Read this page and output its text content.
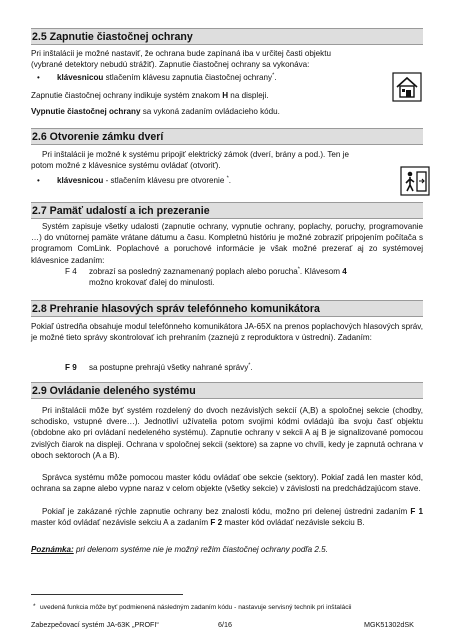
2.5 Zapnutie čiastočnej ochrany
Pri inštalácii je možné nastaviť, že ochrana bude zapínaná iba v určitej časti objektu
(vybrané detektory nebudú strážiť). Zapnutie čiastočnej ochrany sa vykonáva:
• klávesnicou stlačením klávesu zapnutia čiastočnej ochrany*.
Zapnutie čiastočnej ochrany indikuje systém znakom H na displeji.
Vypnutie čiastočnej ochrany sa vykoná zadaním ovládacieho kódu.
2.6 Otvorenie zámku dverí
Pri inštalácii je možné k systému pripojiť elektrický zámok (dverí, brány a pod.). Ten je
potom možné z klávesnice systému ovládať (otvoriť).
• klávesnicou - stlačením klávesu pre otvorenie *.
2.7 Pamäť udalostí a ich prezeranie
Systém zapisuje všetky udalosti (zapnutie ochrany, vypnutie ochrany, poplachy, poruchy, programovanie …) do vnútornej pamäte vrátane dátumu a času. Kompletnú históriu je možné zobraziť pripojením počítača s programom ComLink. Poplachové a poruchové informácie je však možné prezerať aj zo systémovej klávesnice zadaním:
F 4 zobrazí sa posledný zaznamenaný poplach alebo porucha*. Klávesom 4
možno krokovať ďalej do minulosti.
2.8 Prehranie hlasových správ telefónneho komunikátora
Pokiaľ ústredňa obsahuje modul telefónneho komunikátora JA-65X na prenos poplachových hlasových správ, je možné tieto správy skontrolovať ich prehraním (zaznejú z reproduktora v ústredni). Zadaním:
F 9 sa postupne prehrajú všetky nahrané správy*.
2.9 Ovládanie deleného systému
Pri inštalácii môže byť systém rozdelený do dvoch nezávislých sekcií (A,B) a spoločnej sekcie (chodby, schodisko, vstupné dvere…). Jednotliví užívatelia potom svojimi kódmi ovládajú iba svoju časť objektu (obdobne ako pri ovládaní nedeleného systému). Zapnutie ochrany v sekcii A aj B je signalizované pomocou zvislých čiarok na displeji. Ochrana v spoločnej sekcii (sektore) sa zapne vo chvíli, kedy je zapnutá ochrana v oboch sektoroch (A a B).
Správca systému môže pomocou master kódu ovládať obe sekcie (sektory). Pokiaľ zadá len master kód, ochrana sa zapne alebo vypne naraz v celom objekte (všetky sekcie) v závislosti na predchádzajúcom stave.
Pokiaľ je zakázané rýchle zapnutie ochrany bez znalosti kódu, možno pri delenej ústredni zadaním F 1 master kód ovládať nezávisle sekciu A a zadaním F 2 master kód ovládať nezávisle sekciu B.
Poznámka: pri delenom systéme nie je možný režim čiastočnej ochrany podľa 2.5.
* uvedená funkcia môže byť podmienená následným zadaním kódu - nastavuje servisný technik pri inštalácii
Zabezpečovací systém JA-63K „PROFI“	6/16	MGK51302dSK
